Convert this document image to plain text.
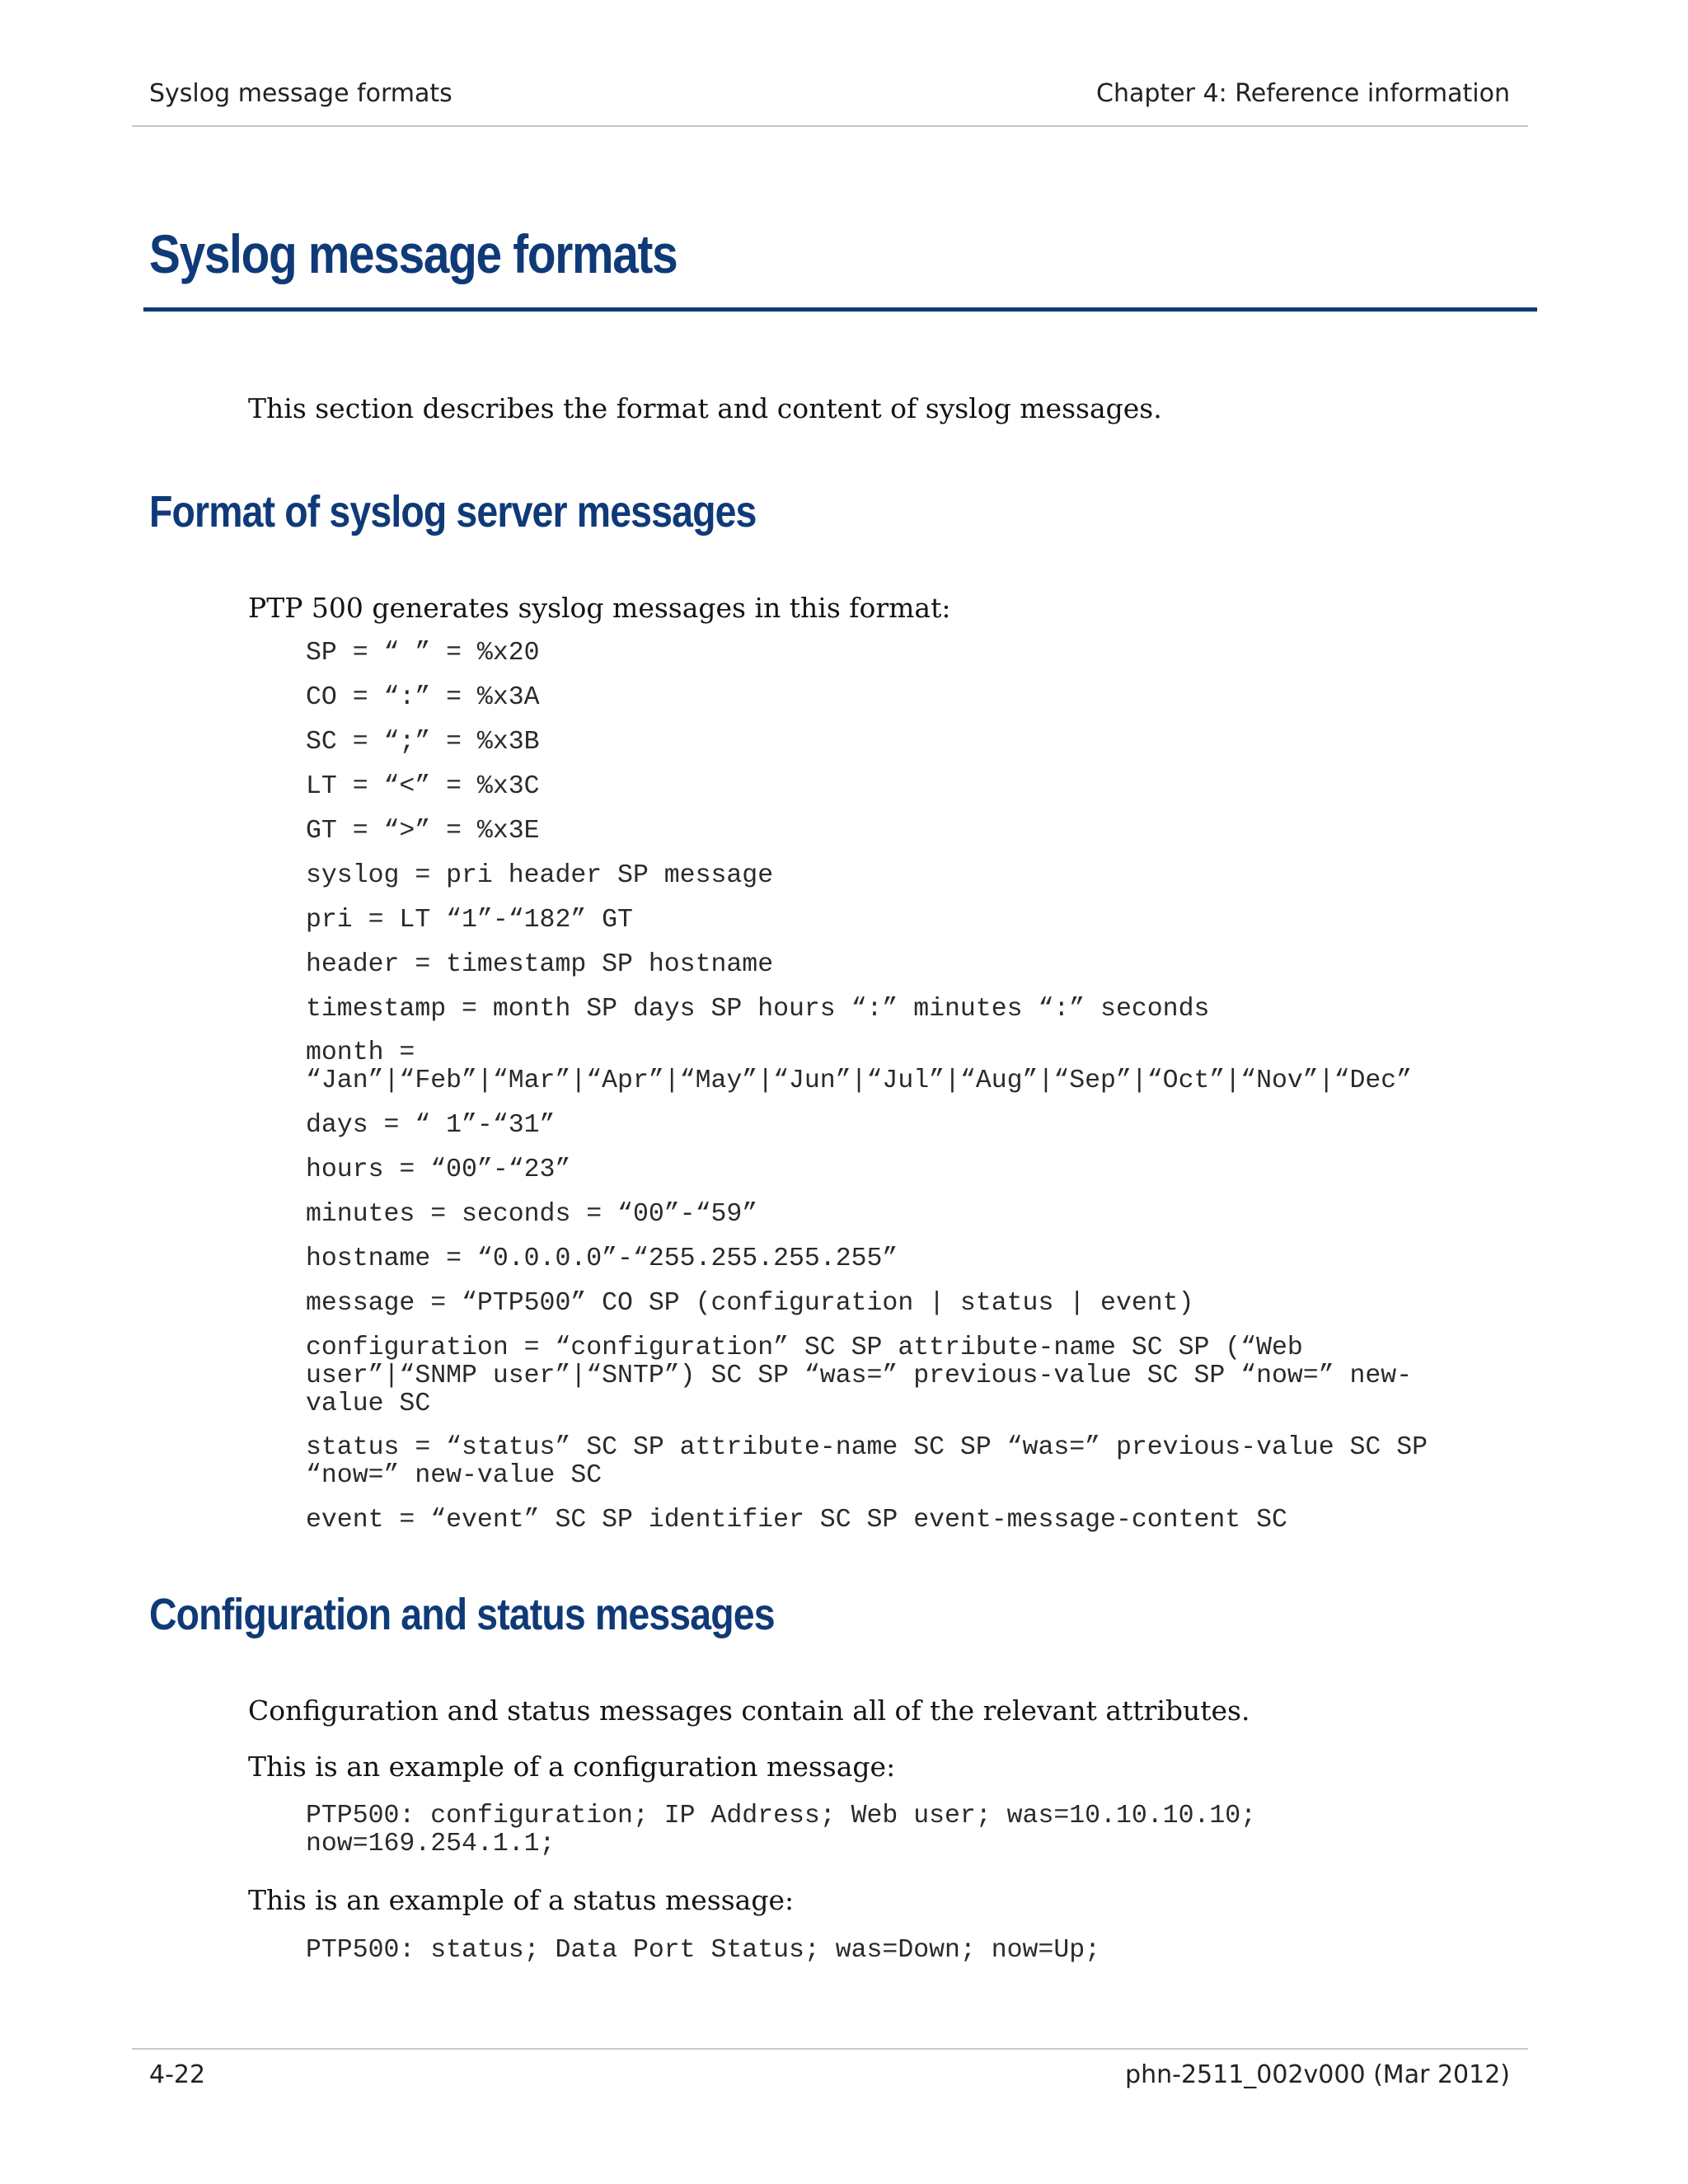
Syslog message formats	Chapter 4: Reference information
Syslog message formats

This section describes the format and content of syslog messages.

Format of syslog server messages

PTP 500 generates syslog messages in this format:

SP = “ ” = %x20
CO = “:” = %x3A
SC = “;” = %x3B
LT = “<” = %x3C
GT = “>” = %x3E
syslog = pri header SP message
pri = LT “1”-“182” GT
header = timestamp SP hostname
timestamp = month SP days SP hours “:” minutes “:” seconds
month =
“Jan”|“Feb”|“Mar”|“Apr”|“May”|“Jun”|“Jul”|“Aug”|“Sep”|“Oct”|“Nov”|“Dec”
days = “ 1”-“31”
hours = “00”-“23”
minutes = seconds = “00”-“59”
hostname = “0.0.0.0”-“255.255.255.255”
message = “PTP500” CO SP (configuration | status | event)
configuration = “configuration” SC SP attribute-name SC SP (“Web
user”|“SNMP user”|“SNTP”) SC SP “was=” previous-value SC SP “now=” new-
value SC
status = “status” SC SP attribute-name SC SP “was=” previous-value SC SP
“now=” new-value SC
event = “event” SC SP identifier SC SP event-message-content SC
Configuration and status messages

Configuration and status messages contain all of the relevant attributes.

This is an example of a configuration message:

PTP500: configuration; IP Address; Web user; was=10.10.10.10;
now=169.254.1.1;

This is an example of a status message:

PTP500: status; Data Port Status; was=Down; now=Up;
4-22	phn-2511_002v000 (Mar 2012)
